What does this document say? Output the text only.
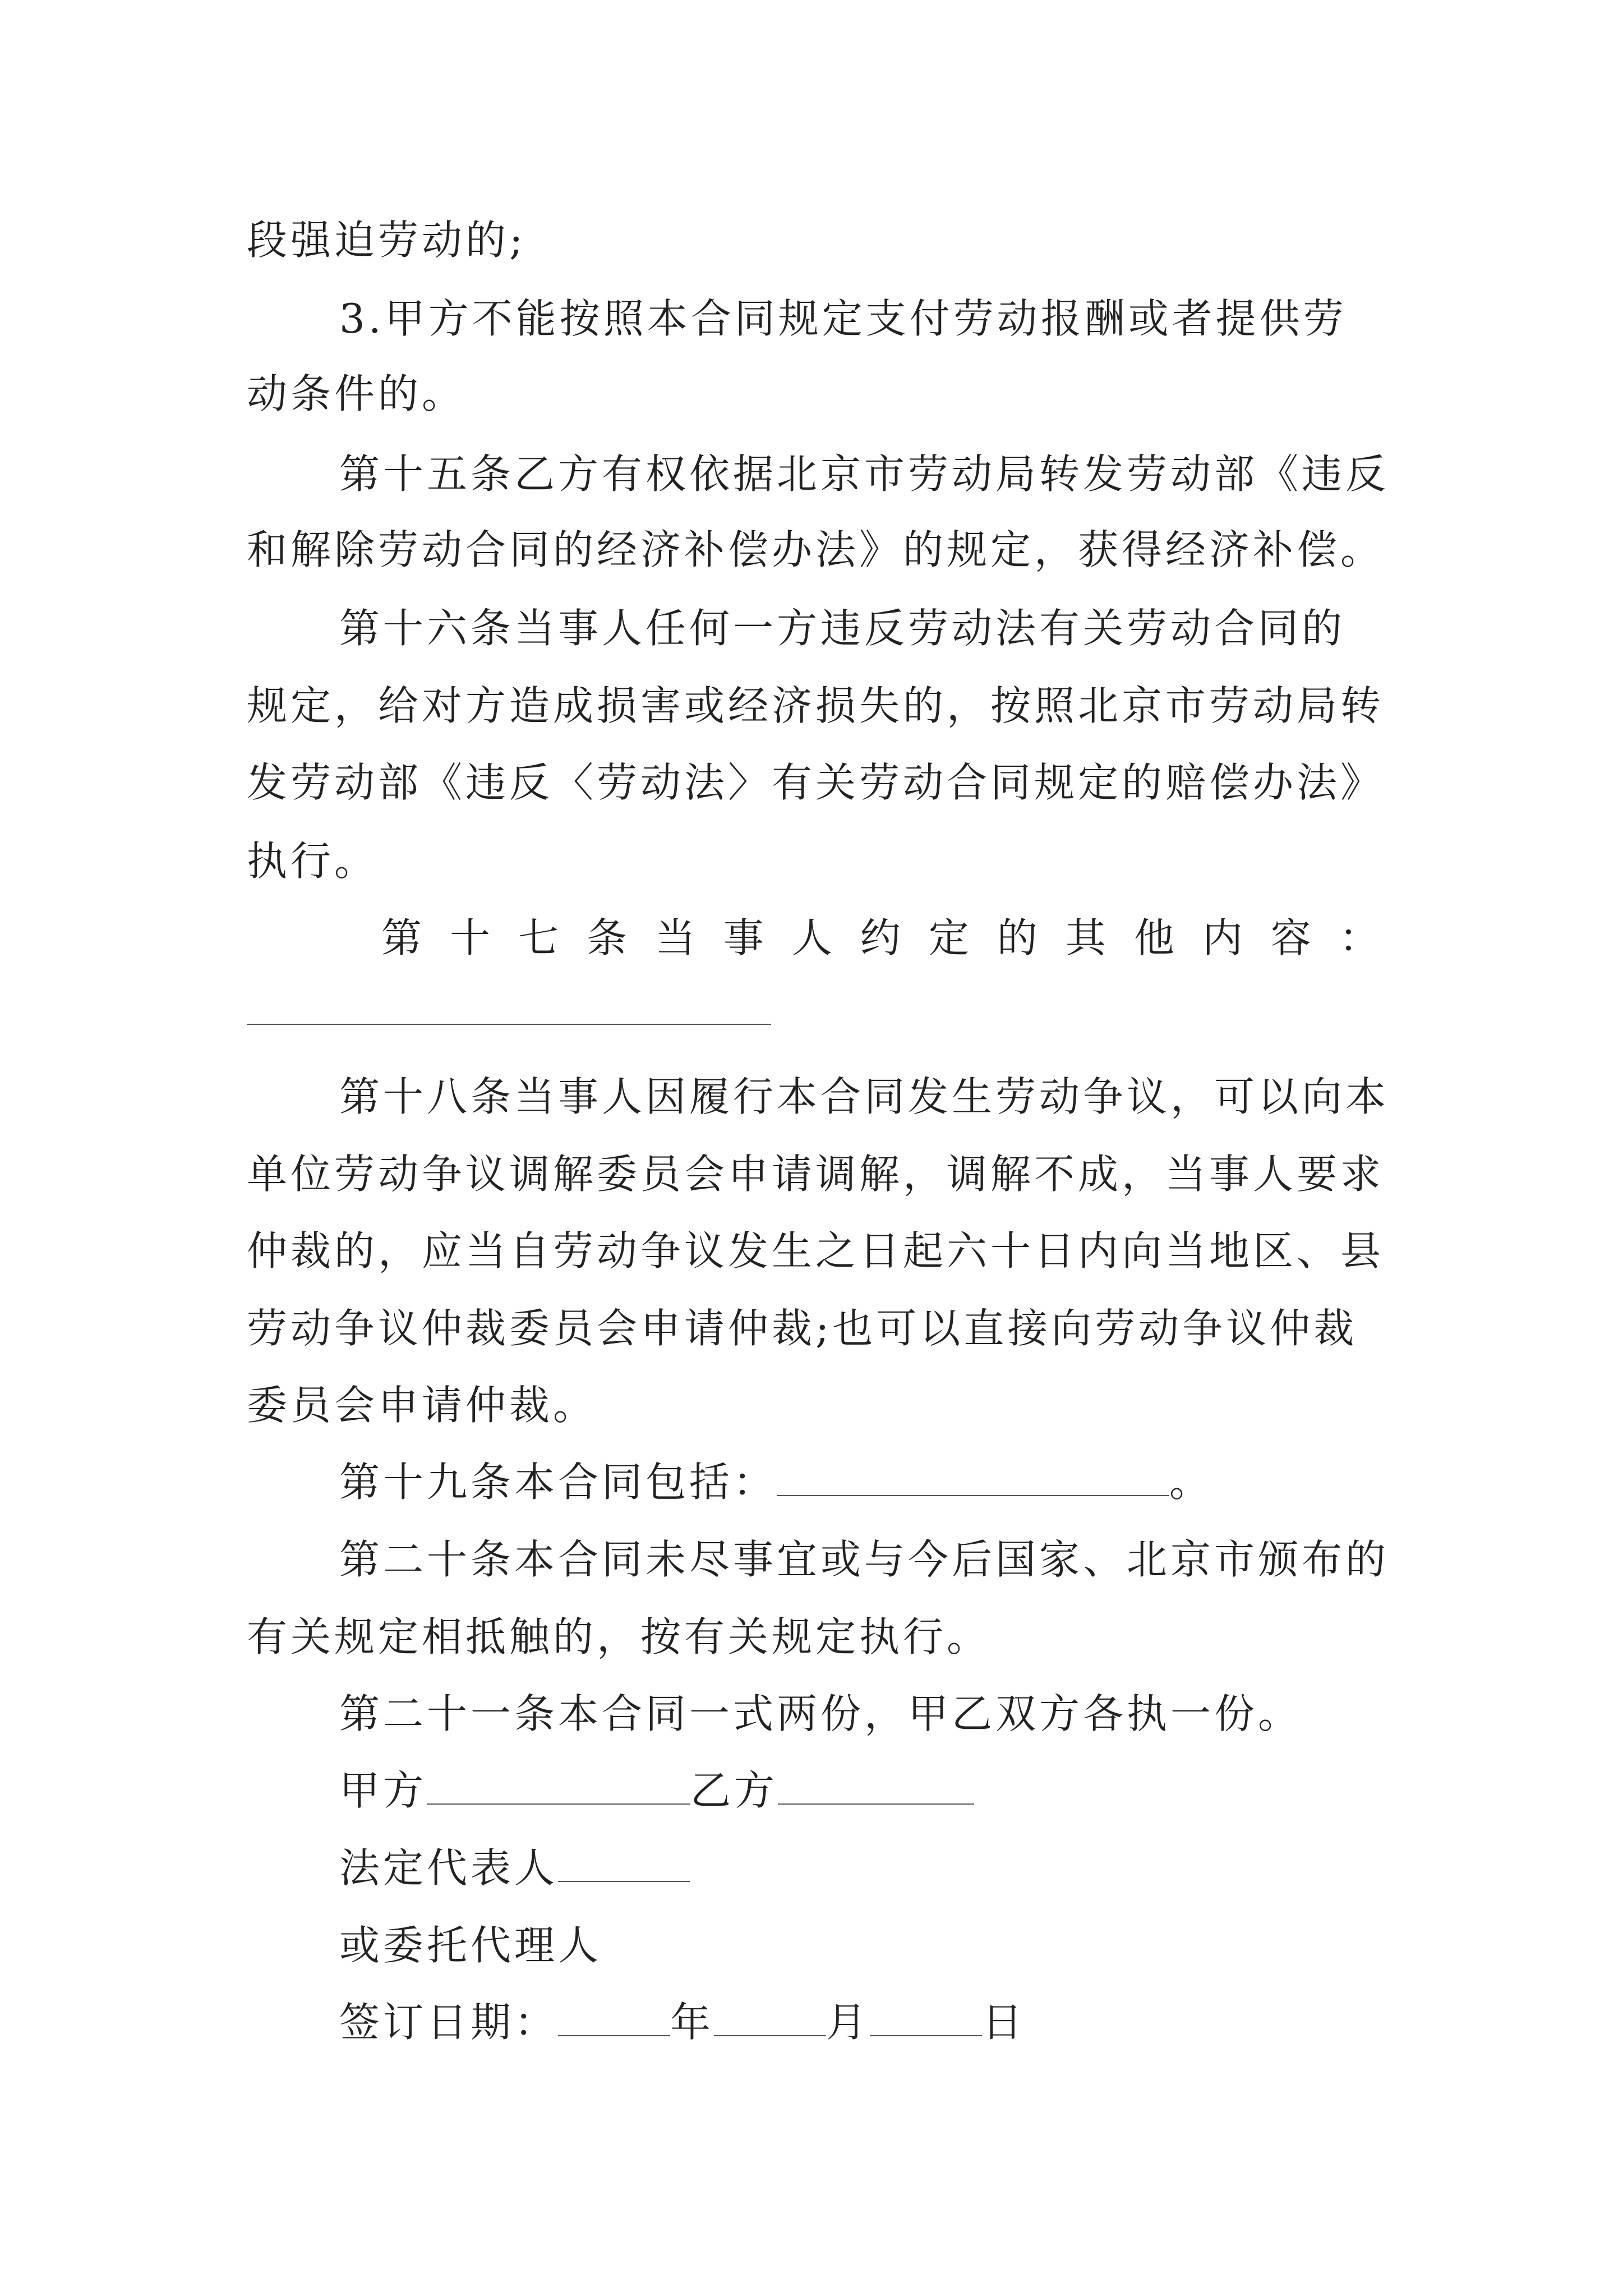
段强迫劳动的;
3.甲方不能按照本合同规定支付劳动报酬或者提供劳
动条件的。
第十五条乙方有权依据北京市劳动局转发劳动部《违反
和解除劳动合同的经济补偿办法》的规定，获得经济补偿。
第十六条当事人任何一方违反劳动法有关劳动合同的
规定，给对方造成损害或经济损失的，按照北京市劳动局转
发劳动部《违反〈劳动法〉有关劳动合同规定的赔偿办法》
执行。
第 十 七 条 当 事 人 约 定 的 其 他 内 容 ：
第十八条当事人因履行本合同发生劳动争议，可以向本
单位劳动争议调解委员会申请调解，调解不成，当事人要求
仲裁的，应当自劳动争议发生之日起六十日内向当地区、县
劳动争议仲裁委员会申请仲裁;也可以直接向劳动争议仲裁
委员会申请仲裁。
第十九条本合同包括：	。
第二十条本合同未尽事宜或与今后国家、北京市颁布的
有关规定相抵触的，按有关规定执行。
第二十一条本合同一式两份，甲乙双方各执一份。
甲方	乙方
法定代表人
或委托代理人
签订日期：	年	月	日
